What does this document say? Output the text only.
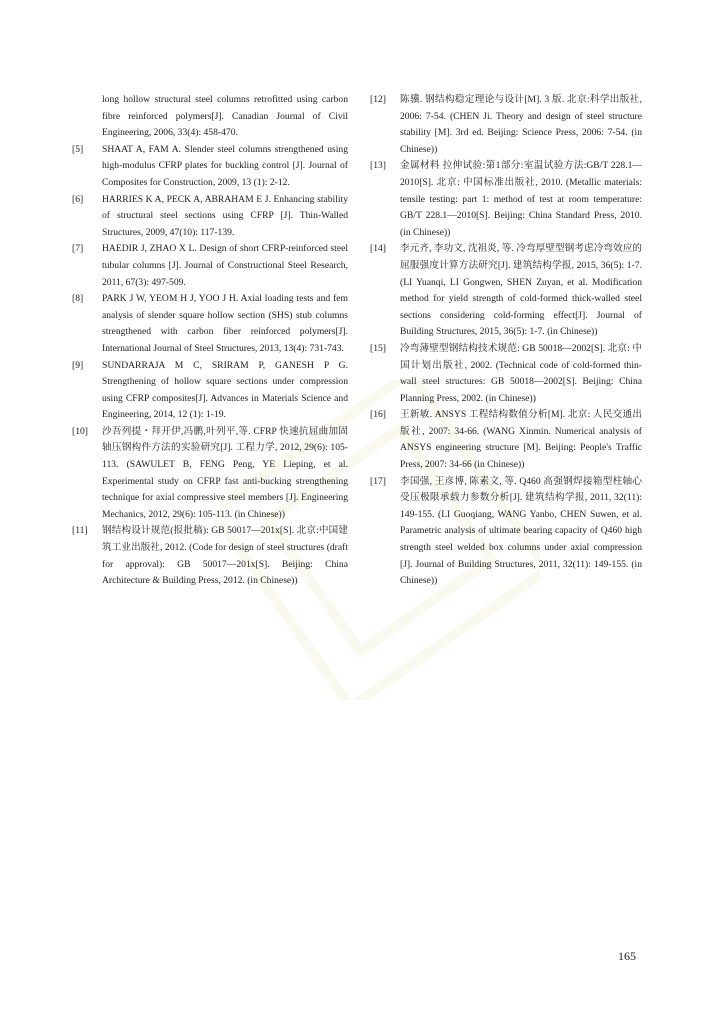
long hollow structural steel columns retrofitted using carbon fibre reinforced polymers[J]. Canadian Journal of Civil Engineering, 2006, 33(4): 458-470.

[5]	SHAAT A, FAM A. Slender steel columns strengthened using high-modulus CFRP plates for buckling control [J]. Journal of Composites for Construction, 2009, 13 (1): 2-12.

[6]	HARRIES K A, PECK A, ABRAHAM E J. Enhancing stability of structural steel sections using CFRP [J]. Thin-Walled Structures, 2009, 47(10): 117-139.

[7]	HAEDIR J, ZHAO X L. Design of short CFRP-reinforced steel tubular columns [J]. Journal of Constructional Steel Research, 2011, 67(3): 497-509.

[8]	PARK J W, YEOM H J, YOO J H. Axial loading tests and fem analysis of slender square hollow section (SHS) stub columns strengthened with carbon fiber reinforced polymers[J]. International Journal of Steel Structures, 2013, 13(4): 731-743.

[9]	SUNDARRAJA M C, SRIRAM P, GANESH P G. Strengthening of hollow square sections under compression using CFRP composites[J]. Advances in Materials Science and Engineering, 2014, 12 (1): 1-19.

[10]	沙吾列提・拜开伊,冯鹏,叶列平,等. CFRP 快速抗屈曲加固轴压钢构件方法的实验研究[J]. 工程力学, 2012, 29(6): 105-113. (SAWULET B, FENG Peng, YE Lieping, et al. Experimental study on CFRP fast anti-bucking strengthening technique for axial compressive steel members [J]. Engineering Mechanics, 2012, 29(6): 105-113. (in Chinese))

[11]	钢结构设计规范(报批稿): GB 50017—201x[S]. 北京:中国建筑工业出版社, 2012. (Code for design of steel structures (draft for approval): GB 50017—201x[S]. Beijing: China Architecture & Building Press, 2012. (in Chinese))

[12]	陈骥. 钢结构稳定理论与设计[M]. 3 版. 北京:科学出版社, 2006: 7-54. (CHEN Ji. Theory and design of steel structure stability [M]. 3rd ed. Beijing: Science Press, 2006: 7-54. (in Chinese))

[13]	金属材料 拉伸试验:第1部分:室温试验方法:GB/T 228.1—2010[S]. 北京: 中国标准出版社, 2010. (Metallic materials: tensile testing: part 1: method of test at room temperature: GB/T 228.1—2010[S]. Beijing: China Standard Press, 2010. (in Chinese))

[14]	李元齐, 李功文, 沈祖炎, 等. 冷弯厚壁型钢考虑冷弯效应的屈服强度计算方法研究[J]. 建筑结构学报, 2015, 36(5): 1-7. (LI Yuanqi, LI Gongwen, SHEN Zuyan, et al. Modification method for yield strength of cold-formed thick-walled steel sections considering cold-forming effect[J]. Journal of Building Structures, 2015, 36(5): 1-7. (in Chinese))

[15]	冷弯薄壁型钢结构技术规范: GB 50018—2002[S]. 北京: 中国计划出版社, 2002. (Technical code of cold-formed thin-wall steel structures: GB 50018—2002[S]. Beijing: China Planning Press, 2002. (in Chinese))

[16]	王新敏. ANSYS 工程结构数值分析[M]. 北京: 人民交通出版社, 2007: 34-66. (WANG Xinmin. Numerical analysis of ANSYS engineering structure [M]. Beijing: People's Traffic Press, 2007: 34-66 (in Chinese))

[17]	李国强, 王彦博, 陈素文, 等. Q460 高强钢焊接箱型柱轴心受压极限承载力参数分析[J]. 建筑结构学报, 2011, 32(11): 149-155. (LI Guoqiang, WANG Yanbo, CHEN Suwen, et al. Parametric analysis of ultimate bearing capacity of Q460 high strength steel welded box columns under axial compression [J]. Journal of Building Structures, 2011, 32(11): 149-155. (in Chinese))

165
